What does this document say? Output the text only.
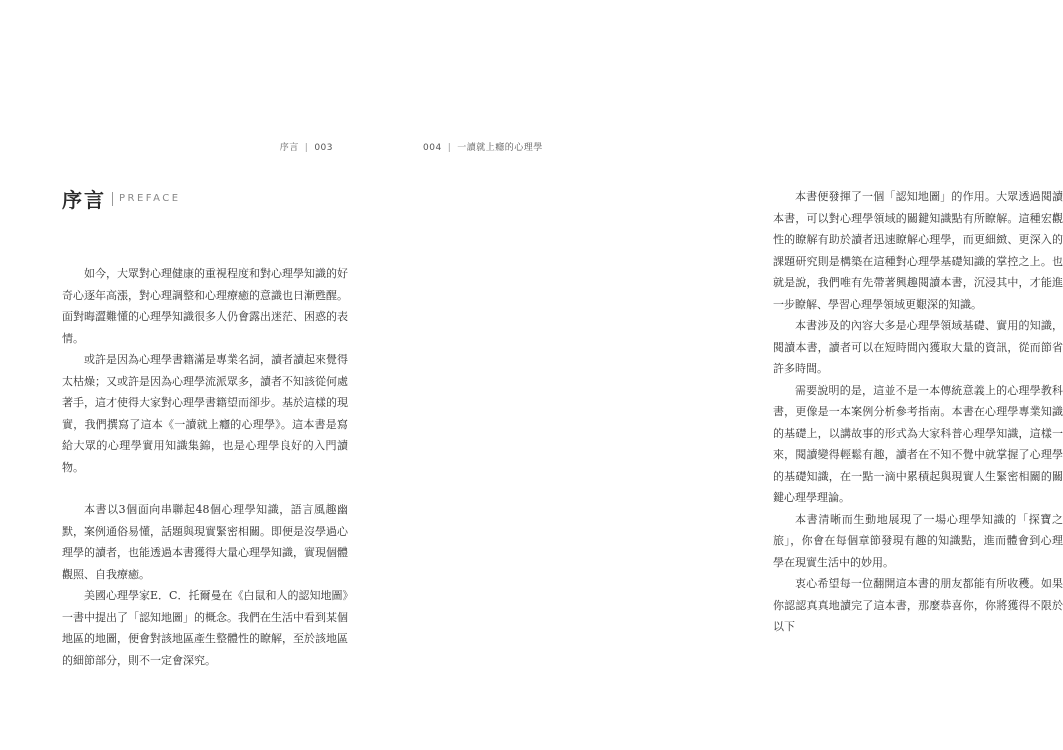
序言 | 003
序言 PREFACE

如今，大眾對心理健康的重視程度和對心理學知識的好奇心逐年高漲，對心理調整和心理療癒的意識也日漸甦醒。面對晦澀難懂的心理學知識很多人仍會露出迷茫、困惑的表情。

或許是因為心理學書籍滿是專業名詞，讀者讀起來覺得太枯燥；又或許是因為心理學流派眾多，讀者不知該從何處著手，這才使得大家對心理學書籍望而卻步。基於這樣的現實，我們撰寫了這本《一讀就上癮的心理學》。這本書是寫給大眾的心理學實用知識集錦，也是心理學良好的入門讀物。

本書以3個面向串聯起48個心理學知識，語言風趣幽默，案例通俗易懂，話題與現實緊密相關。即便是沒學過心理學的讀者，也能透過本書獲得大量心理學知識，實現個體觀照、自我療癒。

美國心理學家E．C．托爾曼在《白鼠和人的認知地圖》一書中提出了「認知地圖」的概念。我們在生活中看到某個地區的地圖，便會對該地區產生整體性的瞭解，至於該地區的細節部分，則不一定會深究。

004 | 一讀就上癮的心理學

本書便發揮了一個「認知地圖」的作用。大眾透過閱讀本書，可以對心理學領域的關鍵知識點有所瞭解。這種宏觀性的瞭解有助於讀者迅速瞭解心理學，而更細緻、更深入的課題研究則是構築在這種對心理學基礎知識的掌控之上。也就是說，我們唯有先帶著興趣閱讀本書，沉浸其中，才能進一步瞭解、學習心理學領域更艱深的知識。

本書涉及的內容大多是心理學領域基礎、實用的知識，閱讀本書，讀者可以在短時間內獲取大量的資訊，從而節省許多時間。

需要說明的是，這並不是一本傳統意義上的心理學教科書，更像是一本案例分析參考指南。本書在心理學專業知識的基礎上，以講故事的形式為大家科普心理學知識，這樣一來，閱讀變得輕鬆有趣，讀者在不知不覺中就掌握了心理學的基礎知識，在一點一滴中累積起與現實人生緊密相關的關鍵心理學理論。

本書清晰而生動地展現了一場心理學知識的「探寶之旅」，你會在每個章節發現有趣的知識點，進而體會到心理學在現實生活中的妙用。

衷心希望每一位翻開這本書的朋友都能有所收穫。如果你認認真真地讀完了這本書，那麼恭喜你，你將獲得不限於以下
